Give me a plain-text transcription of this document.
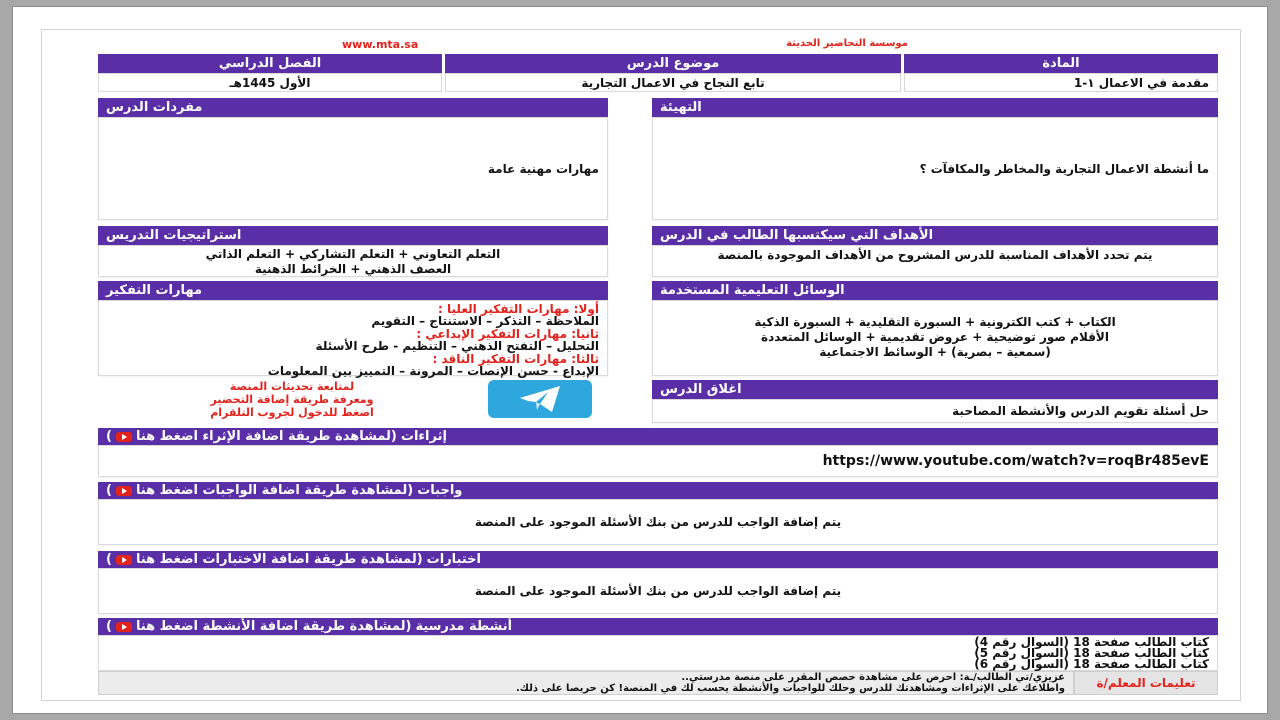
www.mta.sa	موسسة التحاضير الحديثة
الفصل الدراسي	موضوع الدرس	المادة
الأول 1445هـ	تابع النجاح في الاعمال التجارية	مقدمة في الاعمال ١-1
التهيئة
ما أنشطة الاعمال التجارية والمخاطر والمكافآت ؟
مفردات الدرس
مهارات مهنية عامة
الأهداف التي سيكتسبها الطالب في الدرس
يتم تحدد الأهداف المناسبة للدرس المشروح من الأهداف الموجودة بالمنصة
استراتيجيات التدريس
التعلم التعاوني + التعلم التشاركي + التعلم الذاتي
العصف الذهني + الخرائط الذهنية
الوسائل التعليمية المستخدمة
الكتاب + كتب الكترونية + السبورة التقليدية + السبورة الذكية
الأقلام صور توضيحية + عروض تقديمية + الوسائل المتعددة
(سمعية – بصرية) + الوسائط الاجتماعية
مهارات التفكير
أولا: مهارات التفكير العليا :
الملاحظة – التذكر – الاستنتاج – التقويم
ثانيا: مهارات التفكير الإبداعي :
التحليل – التفتح الذهني – التنظيم - طرح الأسئلة
ثالثا: مهارات التفكير الناقد :
الإبداع - حسن الإنصات – المرونة – التمييز بين المعلومات
لمتابعة تحديثات المنصة
ومعرفة طريقة إضافة التحضير
اضغط للدخول لجروب التلقرام
اغلاق الدرس
حل أسئلة تقويم الدرس والأنشطة المصاحبة
إثراءات
(لمشاهدة طريقة اضافة الإثراء اضغط هنا
)
https://www.youtube.com/watch?v=roqBr485evE
واجبات
(لمشاهدة طريقة اضافة الواجبات اضغط هنا
)
يتم إضافة الواجب للدرس من بنك الأسئلة الموجود على المنصة
اختبارات
(لمشاهدة طريقة اضافة الاختبارات اضغط هنا
)
يتم إضافة الواجب للدرس من بنك الأسئلة الموجود على المنصة
أنشطة مدرسية
(لمشاهدة طريقة اضافة الأنشطة اضغط هنا
)
كتاب الطالب صفحة 18 (السوال رقم 4)
كتاب الطالب صفحة 18 (السوال رقم 5)
كتاب الطالب صفحة 18 (السوال رقم 6)
تعليمات المعلم/ة
عزيزي/تي الطالب/ـة: احرص على مشاهدة حصص المقرر على منصة مدرستي..
واطلاعك على الإثراءات ومشاهدتك للدرس وحلك للواجبات والأنشطة يحسب لك في المنصة! كن حريصا على ذلك.
